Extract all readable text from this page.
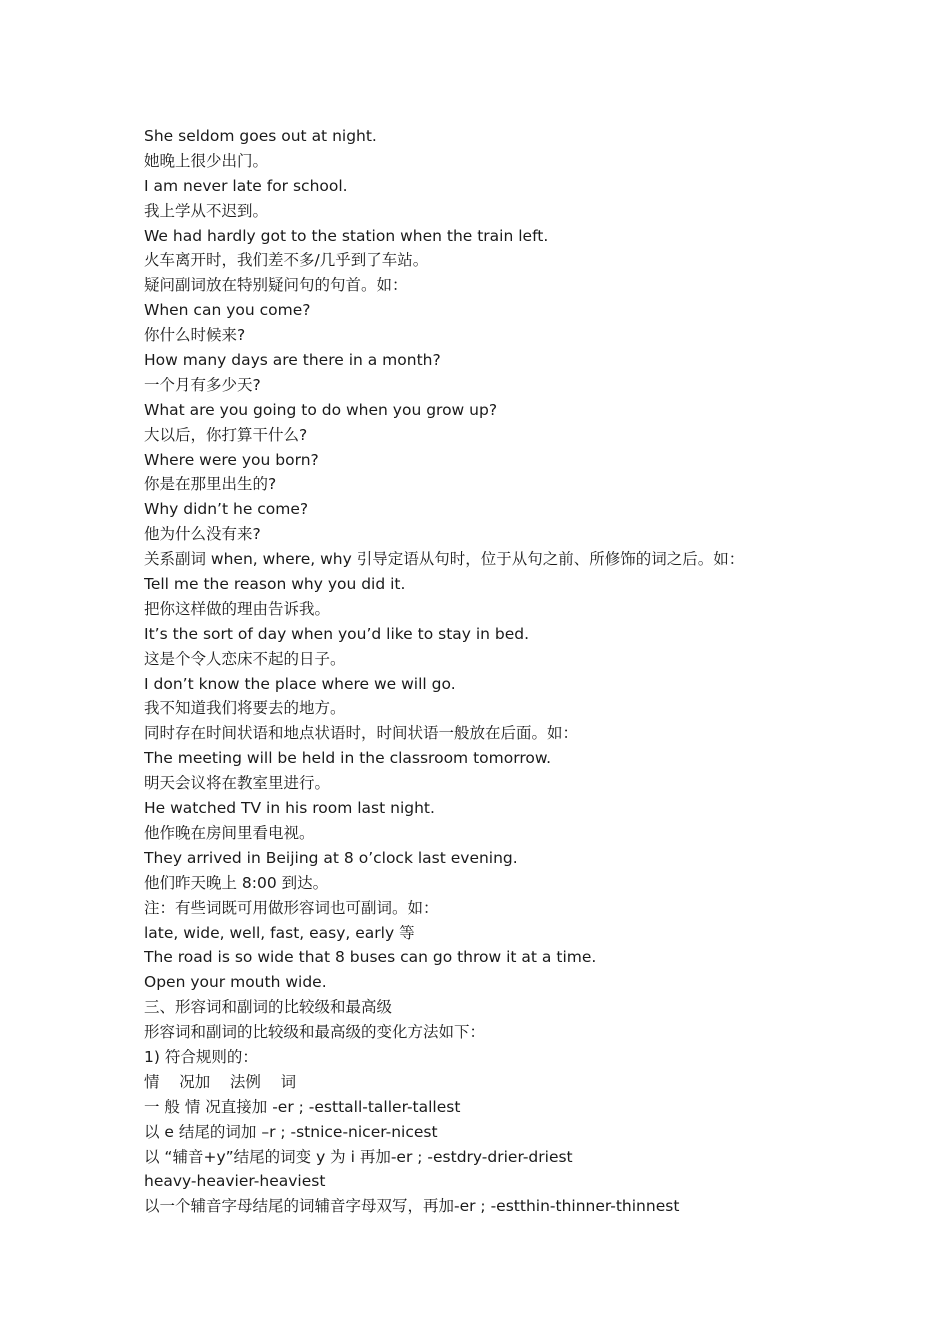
She seldom goes out at night.
她晚上很少出门。
I am never late for school.
我上学从不迟到。
We had hardly got to the station when the train left.
火车离开时，我们差不多/几乎到了车站。
疑问副词放在特别疑问句的句首。如：
When can you come?
你什么时候来?
How many days are there in a month?
一个月有多少天?
What are you going to do when you grow up?
大以后，你打算干什么?
Where were you born?
你是在那里出生的?
Why didn’t he come?
他为什么没有来?
关系副词 when, where, why 引导定语从句时，位于从句之前、所修饰的词之后。如：
Tell me the reason why you did it.
把你这样做的理由告诉我。
It’s the sort of day when you’d like to stay in bed.
这是个令人恋床不起的日子。
I don’t know the place where we will go.
我不知道我们将要去的地方。
同时存在时间状语和地点状语时，时间状语一般放在后面。如：
The meeting will be held in the classroom tomorrow.
明天会议将在教室里进行。
He watched TV in his room last night.
他作晚在房间里看电视。
They arrived in Beijing at 8 o’clock last evening.
他们昨天晚上 8:00 到达。
注：有些词既可用做形容词也可副词。如：
late, wide, well, fast, easy, early 等
The road is so wide that 8 buses can go throw it at a time.
Open your mouth wide.
三、形容词和副词的比较级和最高级
形容词和副词的比较级和最高级的变化方法如下：
1) 符合规则的：
情    况加    法例    词
一 般 情 况直接加 -er ; -esttall-taller-tallest
以 e 结尾的词加 –r ; -stnice-nicer-nicest
以 “辅音+y”结尾的词变 y 为 i 再加-er ; -estdry-drier-driest
heavy-heavier-heaviest
以一个辅音字母结尾的词辅音字母双写，再加-er ; -estthin-thinner-thinnest
